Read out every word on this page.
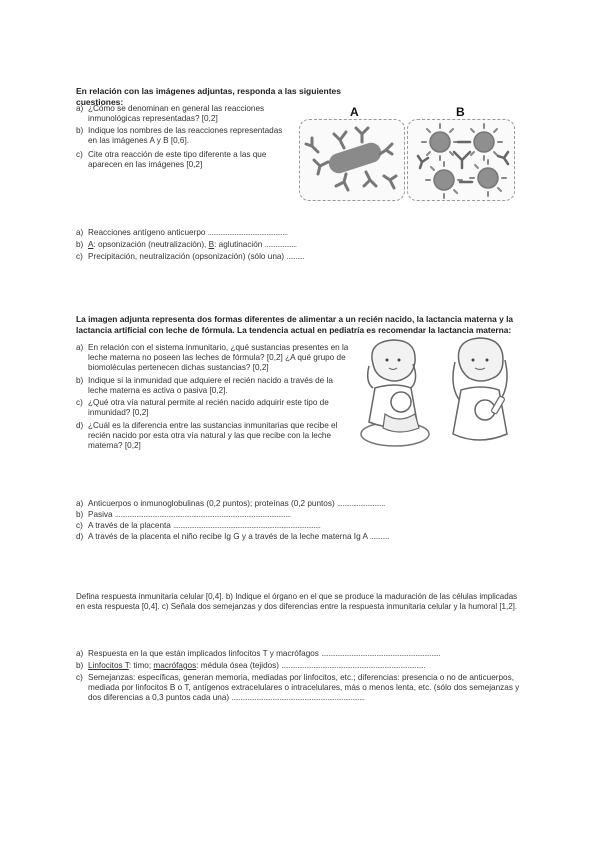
En relación con las imágenes adjuntas, responda a las siguientes cuestiones:
a) ¿Cómo se denominan en general las reacciones inmunológicas representadas? [0,2]
b) Indique los nombres de las reacciones representadas en las imágenes A y B [0,6].
c) Cite otra reacción de este tipo diferente a las que aparecen en las imágenes [0,2]
A	B
a) Reacciones antígeno anticuerpo .............................................
b) A: opsonización (neutralización), B: aglutinación ..................
c) Precipitación, neutralización (opsonización) (sólo una) ..........
La imagen adjunta representa dos formas diferentes de alimentar a un recién nacido, la lactancia materna y la lactancia artificial con leche de fórmula. La tendencia actual en pediatría es recomendar la lactancia materna:
a) En relación con el sistema inmunitario, ¿qué sustancias presentes en la leche materna no poseen las leches de fórmula? [0,2] ¿A qué grupo de biomoléculas pertenecen dichas sustancias? [0,2]
b) Indique si la inmunidad que adquiere el recién nacido a través de la leche materna es activa o pasiva [0,2].
c) ¿Qué otra vía natural permite al recién nacido adquirir este tipo de inmunidad? [0,2]
d) ¿Cuál es la diferencia entre las sustancias inmunitarias que recibe el recién nacido por esta otra vía natural y las que recibe con la leche materna? [0,2]
a) Anticuerpos o inmunoglobulinas (0,2 puntos); proteínas (0,2 puntos) ...........................
b) Pasiva ...................................................................................................
c) A través de la placenta ...................................................................................
d) A través de la placenta el niño recibe Ig G y a través de la leche materna Ig A ...........
Defina respuesta inmunitaria celular [0,4]. b) Indique el órgano en el que se produce la maduración de las células implicadas en esta respuesta [0,4]. c) Señala dos semejanzas y dos diferencias entre la respuesta inmunitaria celular y la humoral [1,2].
a) Respuesta en la que están implicados linfocitos T y macrófagos ...................................................................
b) Linfocitos T: timo; macrófagos: médula ósea (tejidos) .................................................................................
c) Semejanzas: específicas, generan memoria, mediadas por linfocitos, etc.; diferencias: presencia o no de anticuerpos, mediada por linfocitos B o T, antígenos extracelulares o intracelulares, más o menos lenta, etc. (sólo dos semejanzas y dos diferencias a 0,3 puntos cada una) ...........................................................................
